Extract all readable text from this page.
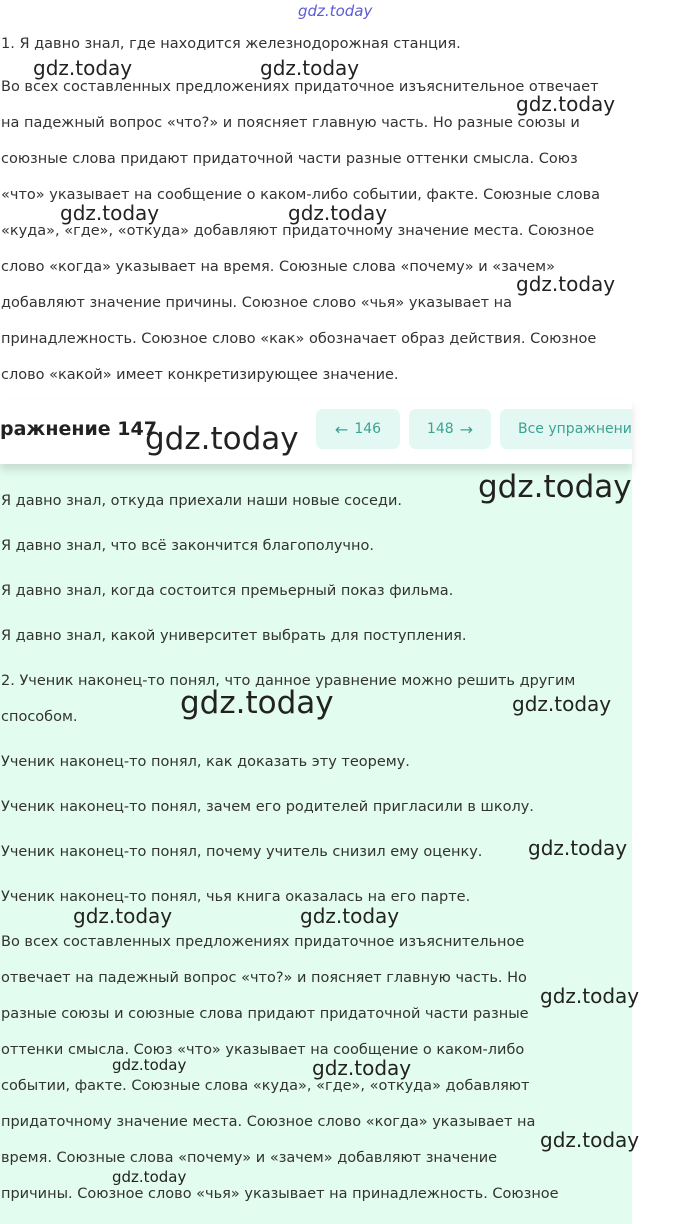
gdz.today
1. Я давно знал, где находится железнодорожная станция.
Во всех составленных предложениях придаточное изъяснительное отвечает
на падежный вопрос «что?» и поясняет главную часть. Но разные союзы и
союзные слова придают придаточной части разные оттенки смысла. Союз
«что» указывает на сообщение о каком-либо событии, факте. Союзные слова
«куда», «где», «откуда» добавляют придаточному значение места. Союзное
слово «когда» указывает на время. Союзные слова «почему» и «зачем»
добавляют значение причины. Союзное слово «чья» указывает на
принадлежность. Союзное слово «как» обозначает образ действия. Союзное
слово «какой» имеет конкретизирующее значение.
ражнение 147	← 146	148 →	Все упражнени
Я давно знал, откуда приехали наши новые соседи.
Я давно знал, что всё закончится благополучно.
Я давно знал, когда состоится премьерный показ фильма.
Я давно знал, какой университет выбрать для поступления.
2. Ученик наконец-то понял, что данное уравнение можно решить другим
способом.
Ученик наконец-то понял, как доказать эту теорему.
Ученик наконец-то понял, зачем его родителей пригласили в школу.
Ученик наконец-то понял, почему учитель снизил ему оценку.
Ученик наконец-то понял, чья книга оказалась на его парте.
Во всех составленных предложениях придаточное изъяснительное
отвечает на падежный вопрос «что?» и поясняет главную часть. Но
разные союзы и союзные слова придают придаточной части разные
оттенки смысла. Союз «что» указывает на сообщение о каком-либо
событии, факте. Союзные слова «куда», «где», «откуда» добавляют
придаточному значение места. Союзное слово «когда» указывает на
время. Союзные слова «почему» и «зачем» добавляют значение
причины. Союзное слово «чья» указывает на принадлежность. Союзное
gdz.today	gdz.today
gdz.today
gdz.today	gdz.today
gdz.today
gdz.today
gdz.today
gdz.today	gdz.today
gdz.today
gdz.today	gdz.today
gdz.today
gdz.today
gdz.today
gdz.today
gdz.today
